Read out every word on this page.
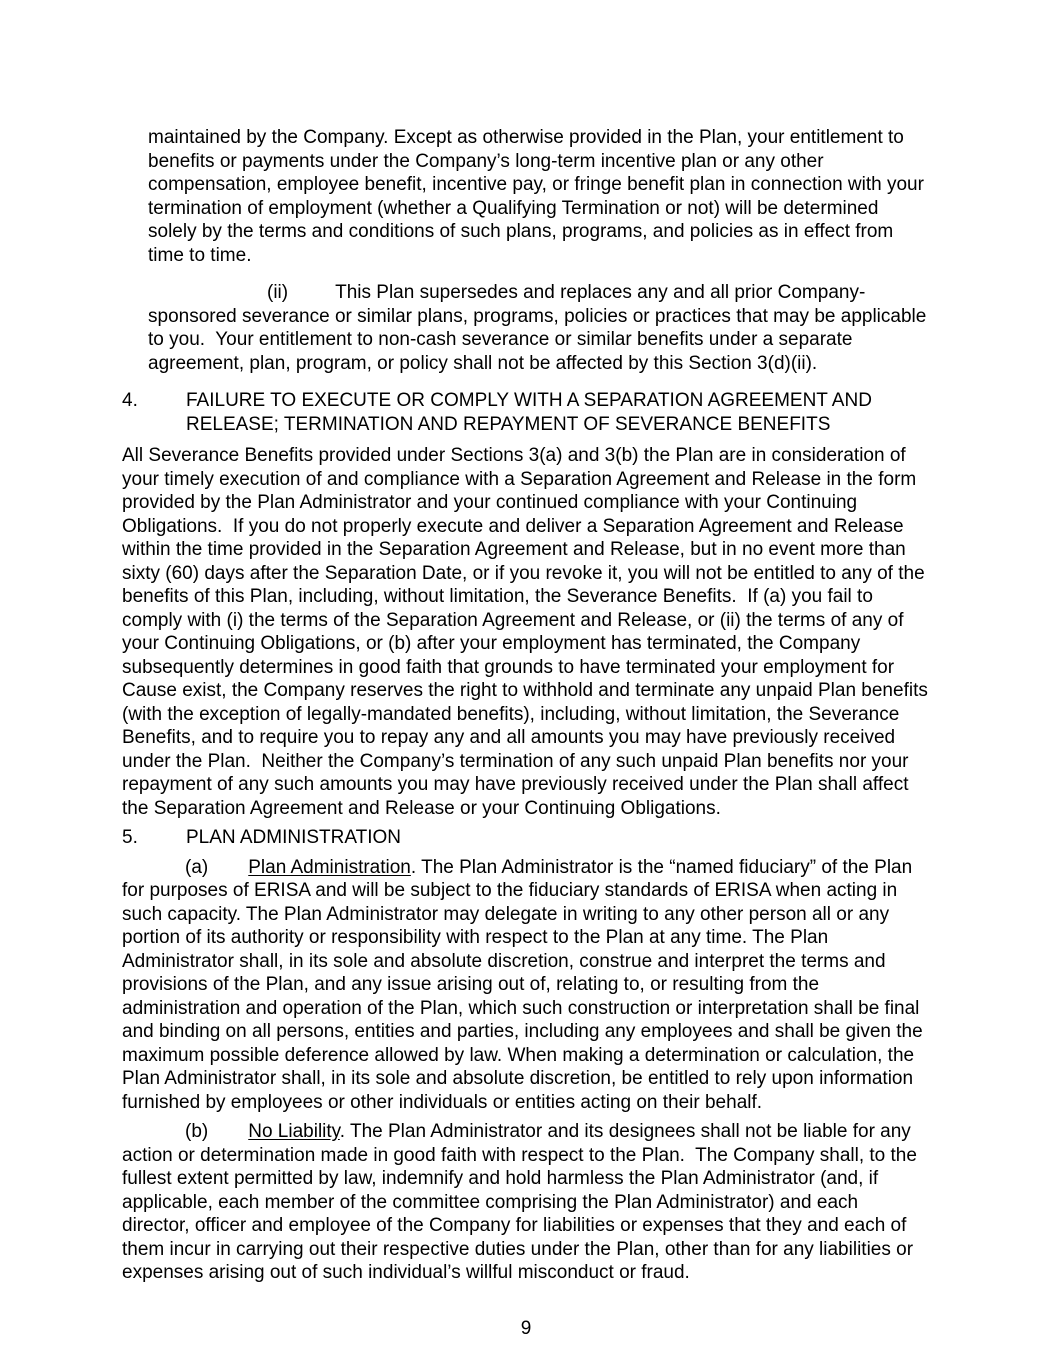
maintained by the Company. Except as otherwise provided in the Plan, your entitlement to benefits or payments under the Company’s long-term incentive plan or any other compensation, employee benefit, incentive pay, or fringe benefit plan in connection with your termination of employment (whether a Qualifying Termination or not) will be determined solely by the terms and conditions of such plans, programs, and policies as in effect from time to time.

(ii) This Plan supersedes and replaces any and all prior Company-sponsored severance or similar plans, programs, policies or practices that may be applicable to you.  Your entitlement to non-cash severance or similar benefits under a separate agreement, plan, program, or policy shall not be affected by this Section 3(d)(ii).

4.	FAILURE TO EXECUTE OR COMPLY WITH A SEPARATION AGREEMENT AND RELEASE; TERMINATION AND REPAYMENT OF SEVERANCE BENEFITS

All Severance Benefits provided under Sections 3(a) and 3(b) the Plan are in consideration of your timely execution of and compliance with a Separation Agreement and Release in the form provided by the Plan Administrator and your continued compliance with your Continuing Obligations.  If you do not properly execute and deliver a Separation Agreement and Release within the time provided in the Separation Agreement and Release, but in no event more than sixty (60) days after the Separation Date, or if you revoke it, you will not be entitled to any of the benefits of this Plan, including, without limitation, the Severance Benefits.  If (a) you fail to comply with (i) the terms of the Separation Agreement and Release, or (ii) the terms of any of your Continuing Obligations, or (b) after your employment has terminated, the Company subsequently determines in good faith that grounds to have terminated your employment for Cause exist, the Company reserves the right to withhold and terminate any unpaid Plan benefits (with the exception of legally-mandated benefits), including, without limitation, the Severance Benefits, and to require you to repay any and all amounts you may have previously received under the Plan.  Neither the Company’s termination of any such unpaid Plan benefits nor your repayment of any such amounts you may have previously received under the Plan shall affect the Separation Agreement and Release or your Continuing Obligations.

5.	PLAN ADMINISTRATION

(a) Plan Administration. The Plan Administrator is the “named fiduciary” of the Plan for purposes of ERISA and will be subject to the fiduciary standards of ERISA when acting in such capacity. The Plan Administrator may delegate in writing to any other person all or any portion of its authority or responsibility with respect to the Plan at any time. The Plan Administrator shall, in its sole and absolute discretion, construe and interpret the terms and provisions of the Plan, and any issue arising out of, relating to, or resulting from the administration and operation of the Plan, which such construction or interpretation shall be final and binding on all persons, entities and parties, including any employees and shall be given the maximum possible deference allowed by law. When making a determination or calculation, the Plan Administrator shall, in its sole and absolute discretion, be entitled to rely upon information furnished by employees or other individuals or entities acting on their behalf.

(b) No Liability. The Plan Administrator and its designees shall not be liable for any action or determination made in good faith with respect to the Plan.  The Company shall, to the fullest extent permitted by law, indemnify and hold harmless the Plan Administrator (and, if applicable, each member of the committee comprising the Plan Administrator) and each director, officer and employee of the Company for liabilities or expenses that they and each of them incur in carrying out their respective duties under the Plan, other than for any liabilities or expenses arising out of such individual’s willful misconduct or fraud.

9
